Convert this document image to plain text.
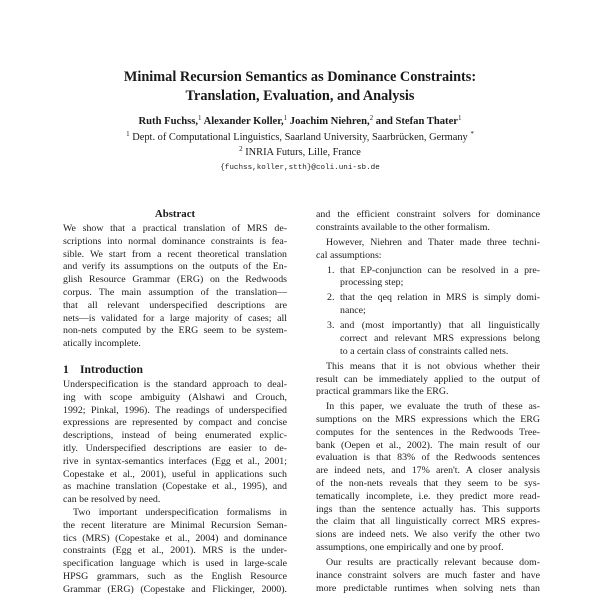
Minimal Recursion Semantics as Dominance Constraints:
Translation, Evaluation, and Analysis
Ruth Fuchss,$^1$ Alexander Koller,$^1$ Joachim Niehren,$^2$ and Stefan Thater$^1$
$^1$ Dept. of Computational Linguistics, Saarland University, Saarbrücken, Germany *
$^2$ INRIA Futurs, Lille, France
{fuchss,koller,stth}@coli.uni-sb.de
Abstract
We show that a practical translation of MRS de-
scriptions into normal dominance constraints is fea-
sible. We start from a recent theoretical translation
and verify its assumptions on the outputs of the En-
glish Resource Grammar (ERG) on the Redwoods
corpus. The main assumption of the translation—
that all relevant underspecified descriptions are
nets—is validated for a large majority of cases; all
non-nets computed by the ERG seem to be system-
atically incomplete.
1 Introduction
Underspecification is the standard approach to deal-
ing with scope ambiguity (Alshawi and Crouch,
1992; Pinkal, 1996). The readings of underspecified
expressions are represented by compact and concise
descriptions, instead of being enumerated explic-
itly. Underspecified descriptions are easier to de-
rive in syntax-semantics interfaces (Egg et al., 2001;
Copestake et al., 2001), useful in applications such
as machine translation (Copestake et al., 1995), and
can be resolved by need.
Two important underspecification formalisms in
the recent literature are Minimal Recursion Seman-
tics (MRS) (Copestake et al., 2004) and dominance
constraints (Egg et al., 2001). MRS is the under-
specification language which is used in large-scale
HPSG grammars, such as the English Resource
Grammar (ERG) (Copestake and Flickinger, 2000).
and the efficient constraint solvers for dominance
constraints available to the other formalism.
However, Niehren and Thater made three techni-
cal assumptions:
1. that EP-conjunction can be resolved in a pre-
processing step;
2. that the qeq relation in MRS is simply domi-
nance;
3. and (most importantly) that all linguistically
correct and relevant MRS expressions belong
to a certain class of constraints called nets.
This means that it is not obvious whether their
result can be immediately applied to the output of
practical grammars like the ERG.
In this paper, we evaluate the truth of these as-
sumptions on the MRS expressions which the ERG
computes for the sentences in the Redwoods Tree-
bank (Oepen et al., 2002). The main result of our
evaluation is that 83% of the Redwoods sentences
are indeed nets, and 17% aren't. A closer analysis
of the non-nets reveals that they seem to be sys-
tematically incomplete, i.e. they predict more read-
ings than the sentence actually has. This supports
the claim that all linguistically correct MRS expres-
sions are indeed nets. We also verify the other two
assumptions, one empirically and one by proof.
Our results are practically relevant because dom-
inance constraint solvers are much faster and have
more predictable runtimes when solving nets than
